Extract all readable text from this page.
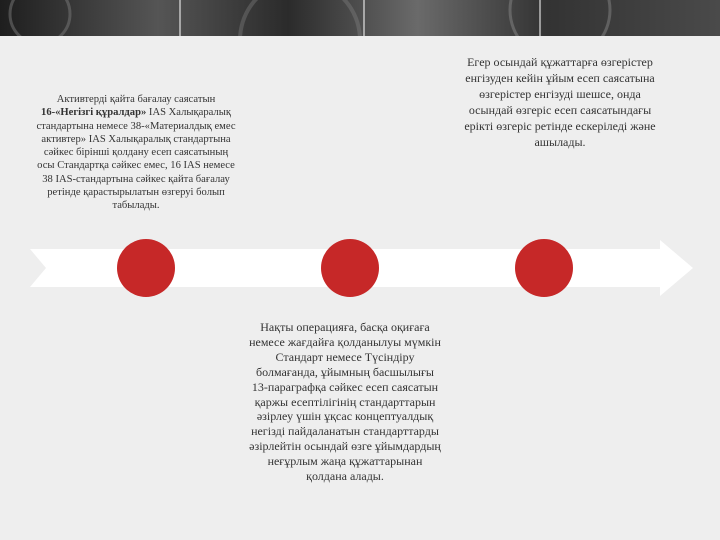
Активтерді қайта бағалау саясатын
16-«Негізгі құралдар» IAS Халықаралық стандартына немесе 38-«Материалдық емес активтер» IAS Халықаралық стандартына сәйкес бірінші қолдану есеп саясатының осы Стандартқа сәйкес емес, 16 IAS немесе 38 IAS-стандартына сәйкес қайта бағалау ретінде қарастырылатын өзгеруі болып табылады.
Егер осындай құжаттарға өзгерістер енгізуден кейін ұйым есеп саясатына өзгерістер енгізуді шешсе, онда осындай өзгеріс есеп саясатындағы ерікті өзгеріс ретінде ескеріледі және ашылады.
Нақты операцияға, басқа оқиғаға немесе жағдайға қолданылуы мүмкін Стандарт немесе Түсіндіру болмағанда, ұйымның басшылығы 13-параграфқа сәйкес есеп саясатын қаржы есептілігінің стандарттарын әзірлеу үшін ұқсас концептуалдық негізді пайдаланатын стандарттарды әзірлейтін осындай өзге ұйымдардың неғұрлым жаңа құжаттарынан қолдана алады.
